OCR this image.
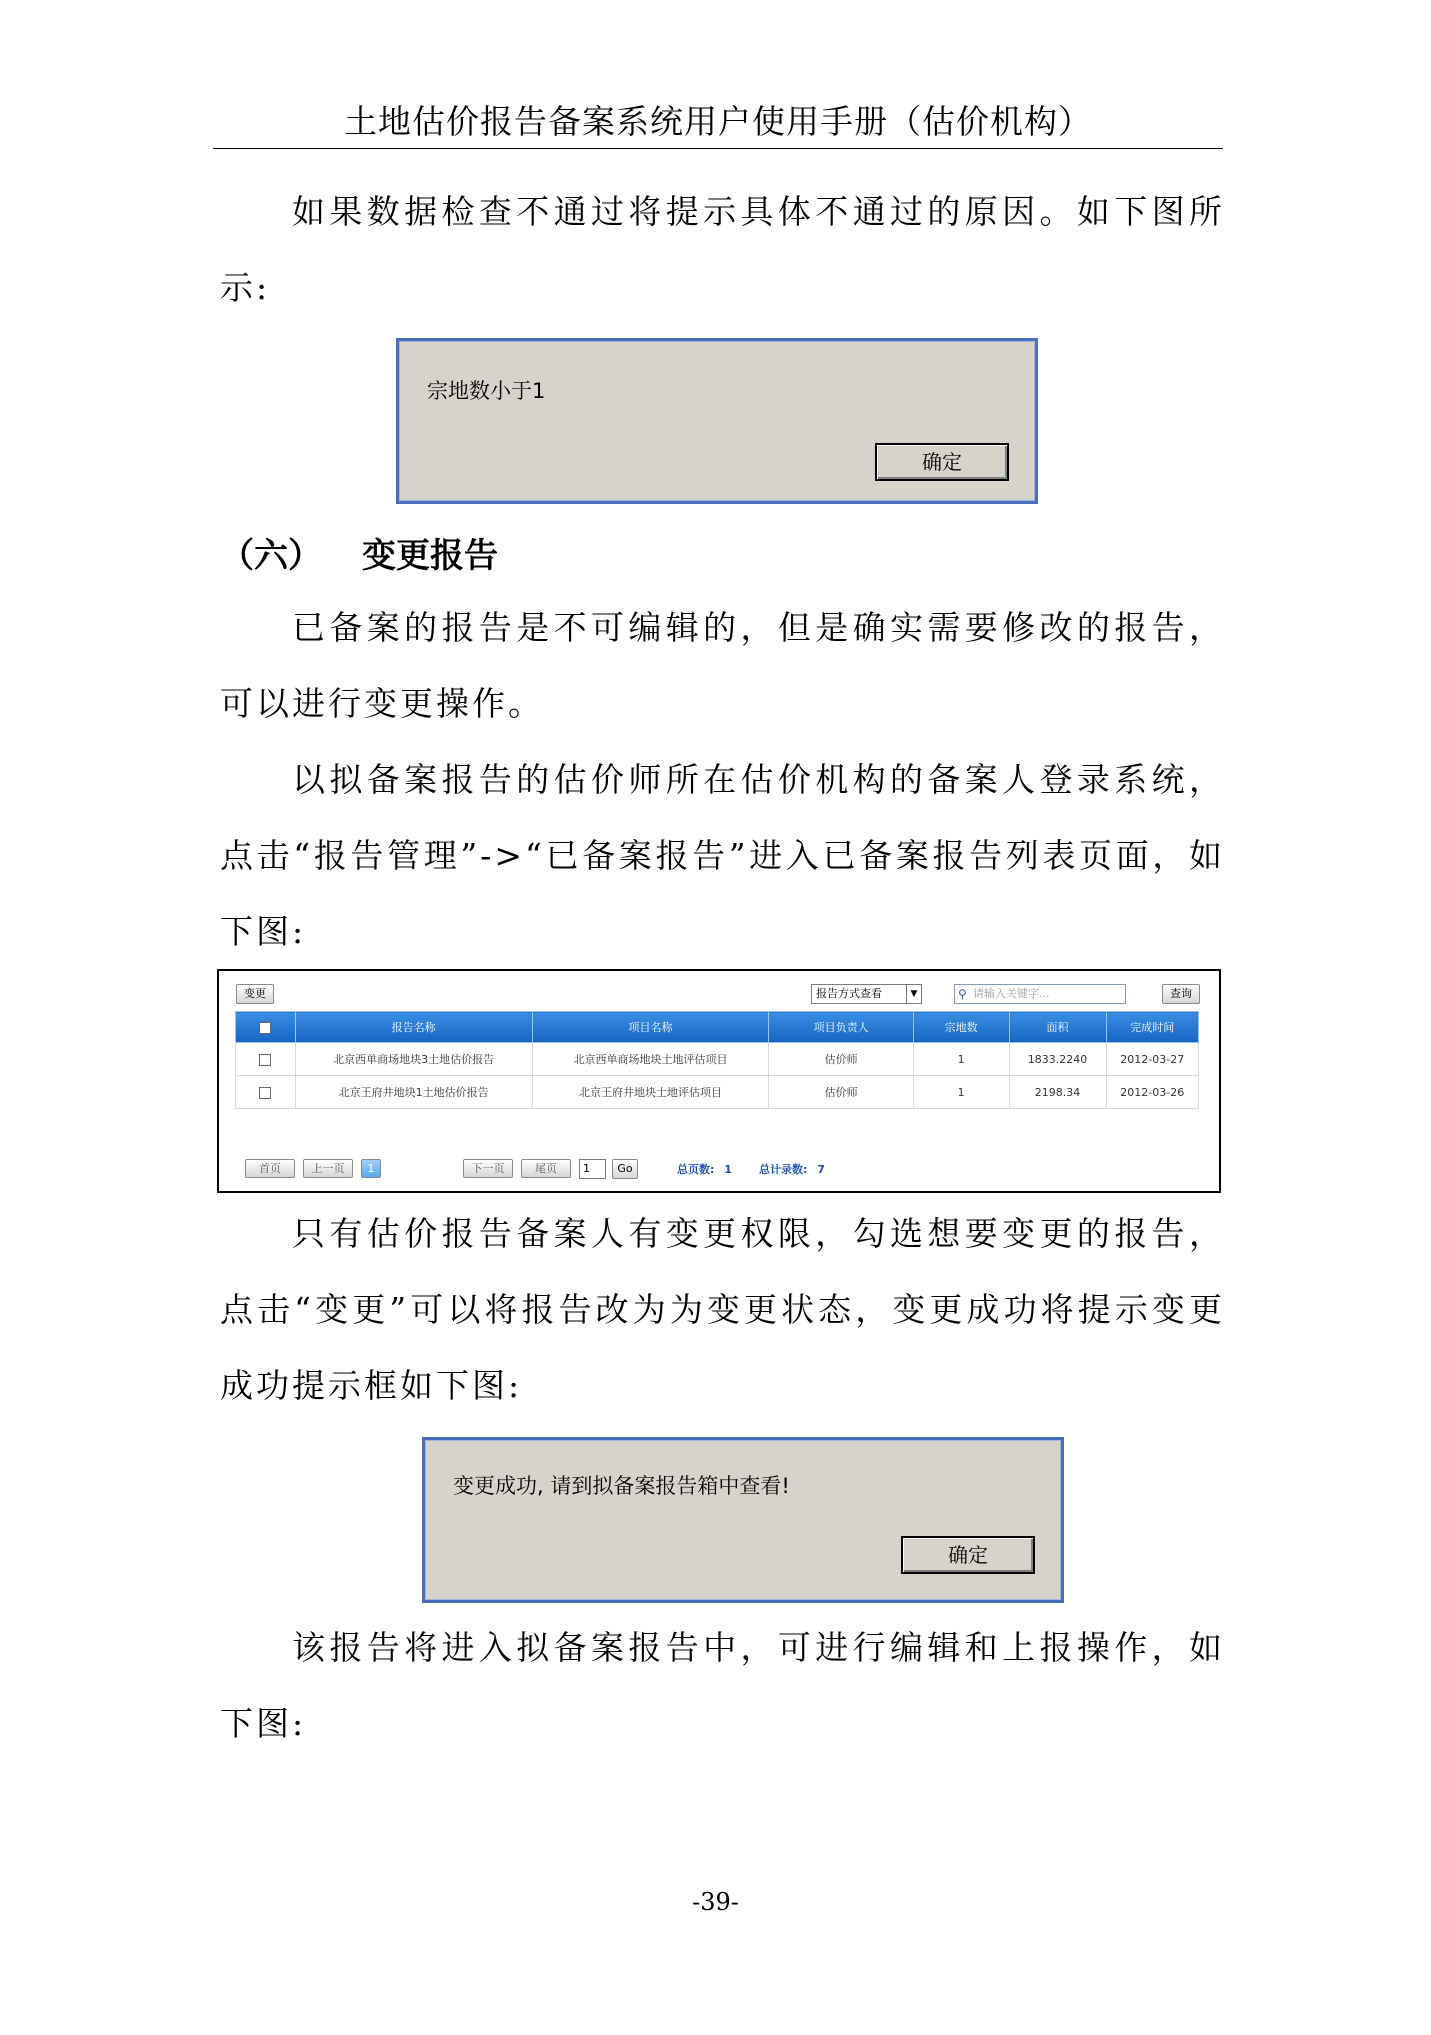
土地估价报告备案系统用户使用手册（估价机构）
如果数据检查不通过将提示具体不通过的原因。如下图所示:
宗地数小于1
确定
（六） 变更报告
已备案的报告是不可编辑的，但是确实需要修改的报告，可以进行变更操作。
以拟备案报告的估价师所在估价机构的备案人登录系统，点击“报告管理”->“已备案报告”进入已备案报告列表页面，如下图:
变更	报告方式查看	▼	⚲ 请输入关键字...	查询
	报告名称	项目名称	项目负责人	宗地数	面积	完成时间
	北京西单商场地块3土地估价报告	北京西单商场地块土地评估项目	估价师	1	1833.2240	2012-03-27
	北京王府井地块1土地估价报告	北京王府井地块土地评估项目	估价师	1	2198.34	2012-03-26
首页	上一页	1	下一页	尾页	1	Go	总页数: 1 总计录数: 7
只有估价报告备案人有变更权限，勾选想要变更的报告，点击“变更”可以将报告改为为变更状态，变更成功将提示变更成功提示框如下图:
变更成功, 请到拟备案报告箱中查看!
确定
该报告将进入拟备案报告中，可进行编辑和上报操作，如下图:
-39-
